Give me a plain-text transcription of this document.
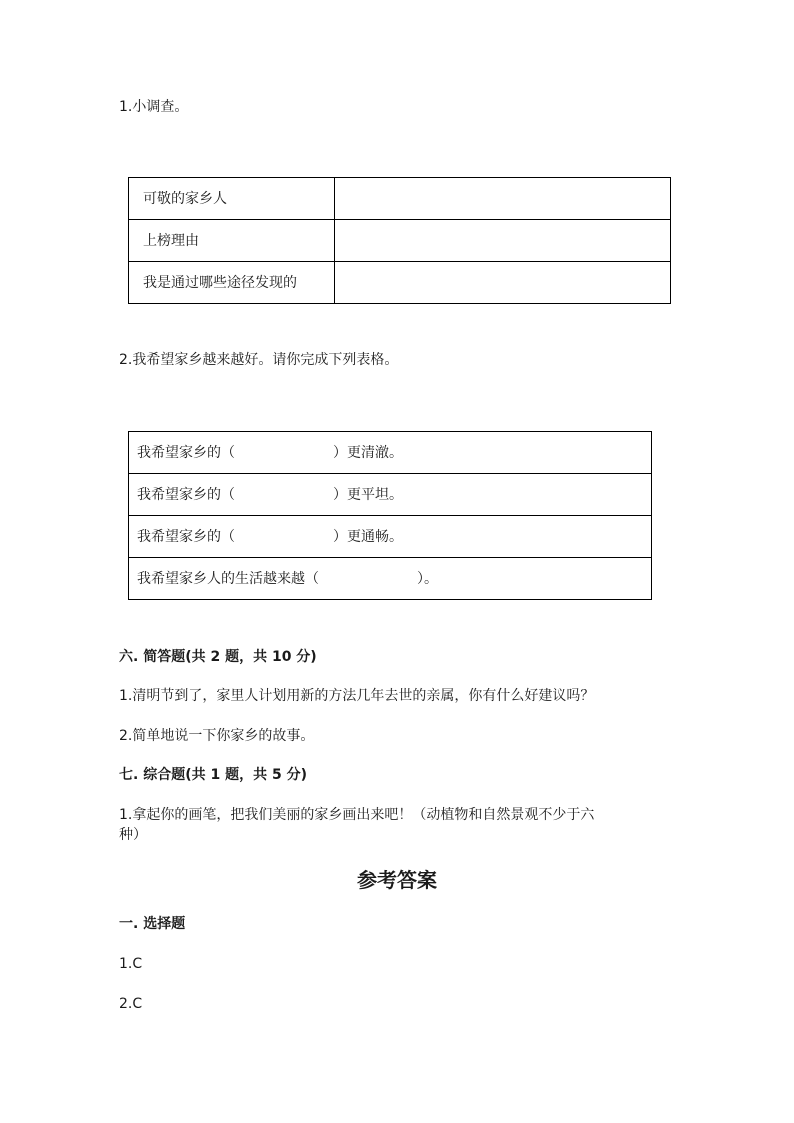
1.小调查。
可敬的家乡人	
上榜理由	
我是通过哪些途径发现的	
2.我希望家乡越来越好。请你完成下列表格。
我希望家乡的（	）更清澈。
我希望家乡的（	）更平坦。
我希望家乡的（	）更通畅。
我希望家乡人的生活越来越（	）。
六. 简答题(共 2 题，共 10 分)
1.清明节到了，家里人计划用新的方法几年去世的亲属，你有什么好建议吗？
2.简单地说一下你家乡的故事。
七. 综合题(共 1 题，共 5 分)
1.拿起你的画笔，把我们美丽的家乡画出来吧！（动植物和自然景观不少于六
种）
参考答案
一. 选择题
1.C
2.C
